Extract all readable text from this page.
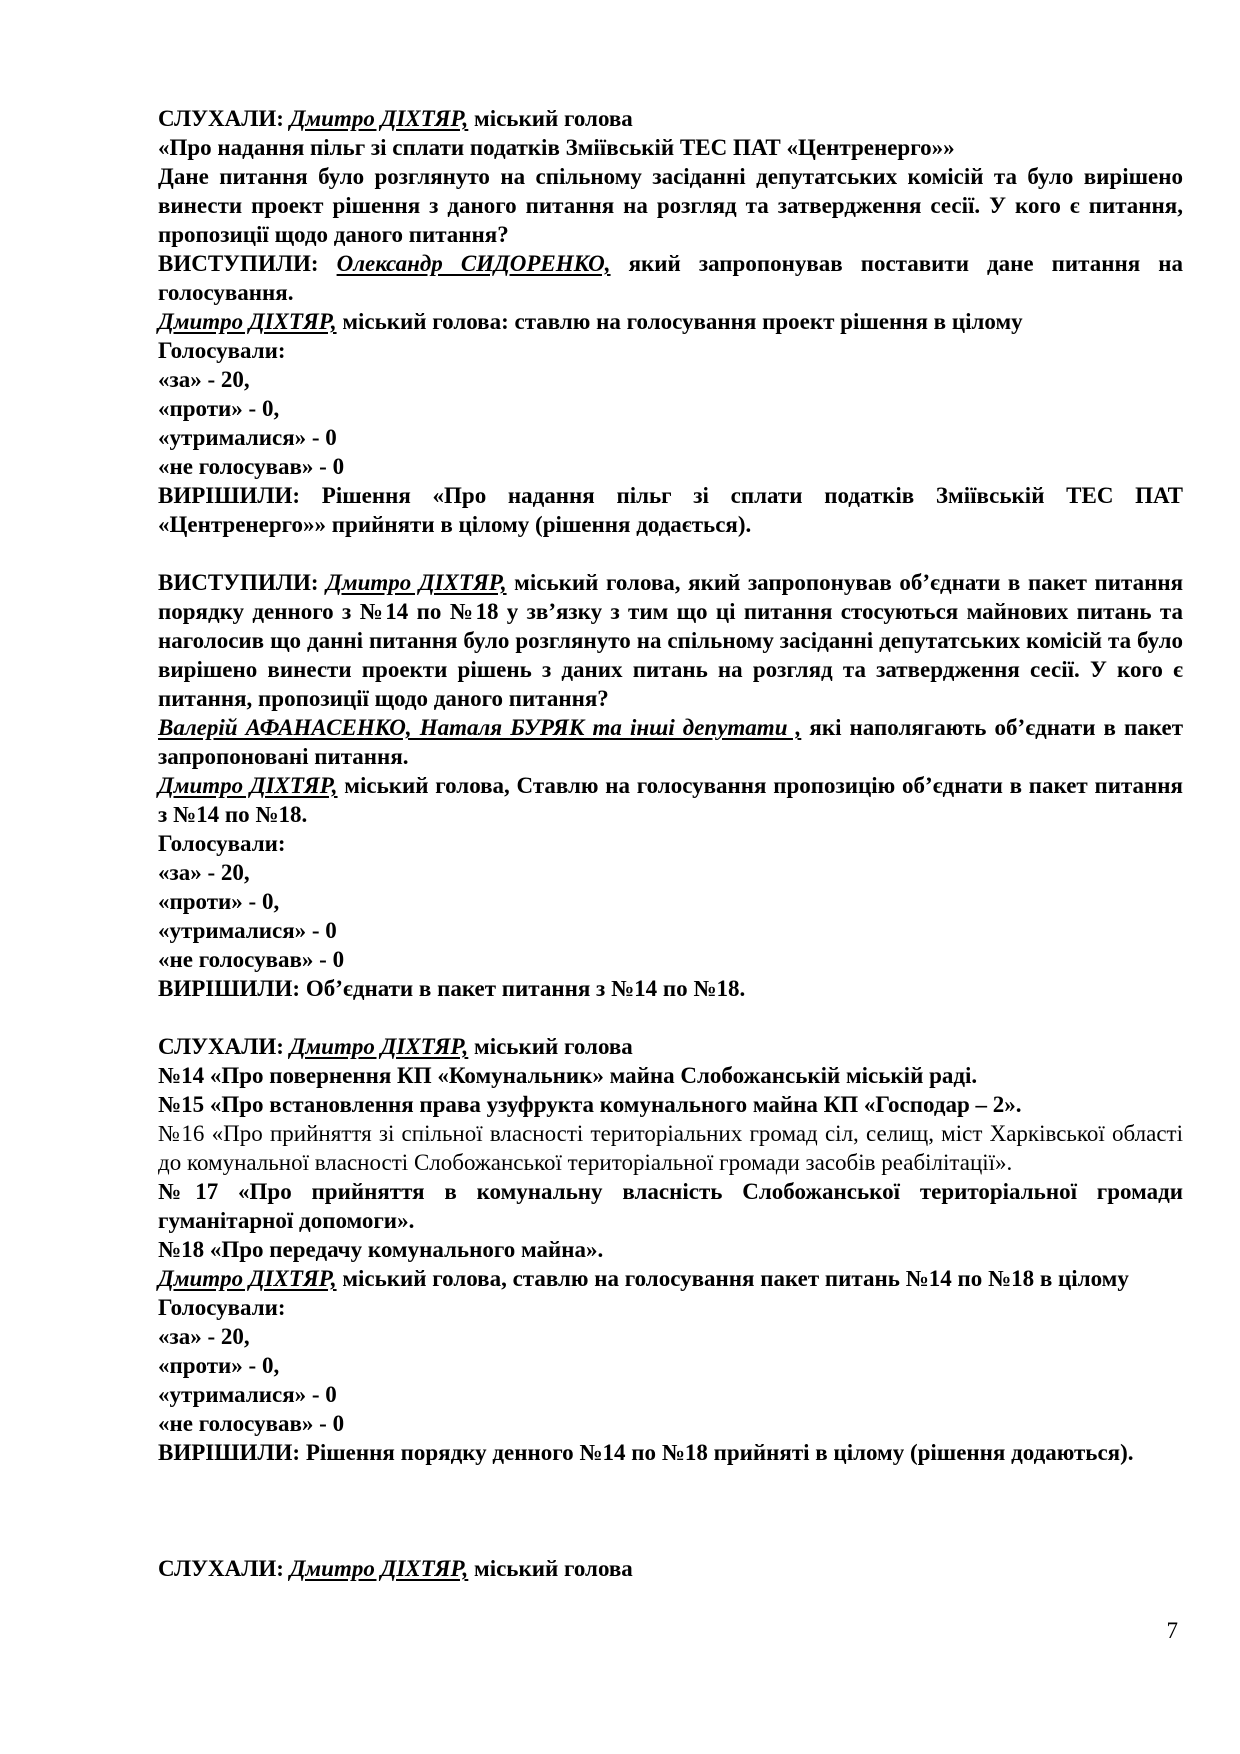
СЛУХАЛИ: Дмитро ДІХТЯР, міський голова

«Про надання пільг зі сплати податків Зміївській ТЕС ПАТ «Центренерго»»

Дане питання було розглянуто на спільному засіданні депутатських комісій та було вирішено винести проект рішення з даного питання на розгляд та затвердження сесії. У кого є питання, пропозиції щодо даного питання?

ВИСТУПИЛИ: Олександр СИДОРЕНКО, який запропонував поставити дане питання на голосування.

Дмитро ДІХТЯР, міський голова: ставлю на голосування проект рішення в цілому

Голосували:

«за» - 20,

«проти» - 0,

«утрималися» - 0

«не голосував» - 0

ВИРІШИЛИ: Рішення «Про надання пільг зі сплати податків Зміївській ТЕС ПАТ «Центренерго»» прийняти в цілому (рішення додається).

ВИСТУПИЛИ: Дмитро ДІХТЯР, міський голова, який запропонував об’єднати в пакет питання порядку денного з №14 по №18 у зв’язку з тим що ці питання стосуються майнових питань та наголосив що данні питання було розглянуто на спільному засіданні депутатських комісій та було вирішено винести проекти рішень з даних питань на розгляд та затвердження сесії. У кого є питання, пропозиції щодо даного питання?

Валерій АФАНАСЕНКО, Наталя БУРЯК та інші депутати , які наполягають об’єднати в пакет запропоновані питання.

Дмитро ДІХТЯР, міський голова, Ставлю на голосування пропозицію об’єднати в пакет питання з №14 по №18.

Голосували:

«за» - 20,

«проти» - 0,

«утрималися» - 0

«не голосував» - 0

ВИРІШИЛИ: Об’єднати в пакет питання з №14 по №18.

СЛУХАЛИ: Дмитро ДІХТЯР, міський голова

№14 «Про повернення КП «Комунальник» майна Слобожанській міській раді.

№15 «Про встановлення права узуфрукта комунального майна КП «Господар – 2».

№16 «Про прийняття зі спільної власності територіальних громад сіл, селищ, міст Харківської області до комунальної власності Слобожанської територіальної громади засобів реабілітації».

№17 «Про прийняття в комунальну власність Слобожанської територіальної громади гуманітарної допомоги».

№18 «Про передачу комунального майна».

Дмитро ДІХТЯР, міський голова, ставлю на голосування пакет питань №14 по №18 в цілому

Голосували:

«за» - 20,

«проти» - 0,

«утрималися» - 0

«не голосував» - 0

ВИРІШИЛИ: Рішення порядку денного №14 по №18 прийняті в цілому (рішення додаються).

СЛУХАЛИ: Дмитро ДІХТЯР, міський голова

7
